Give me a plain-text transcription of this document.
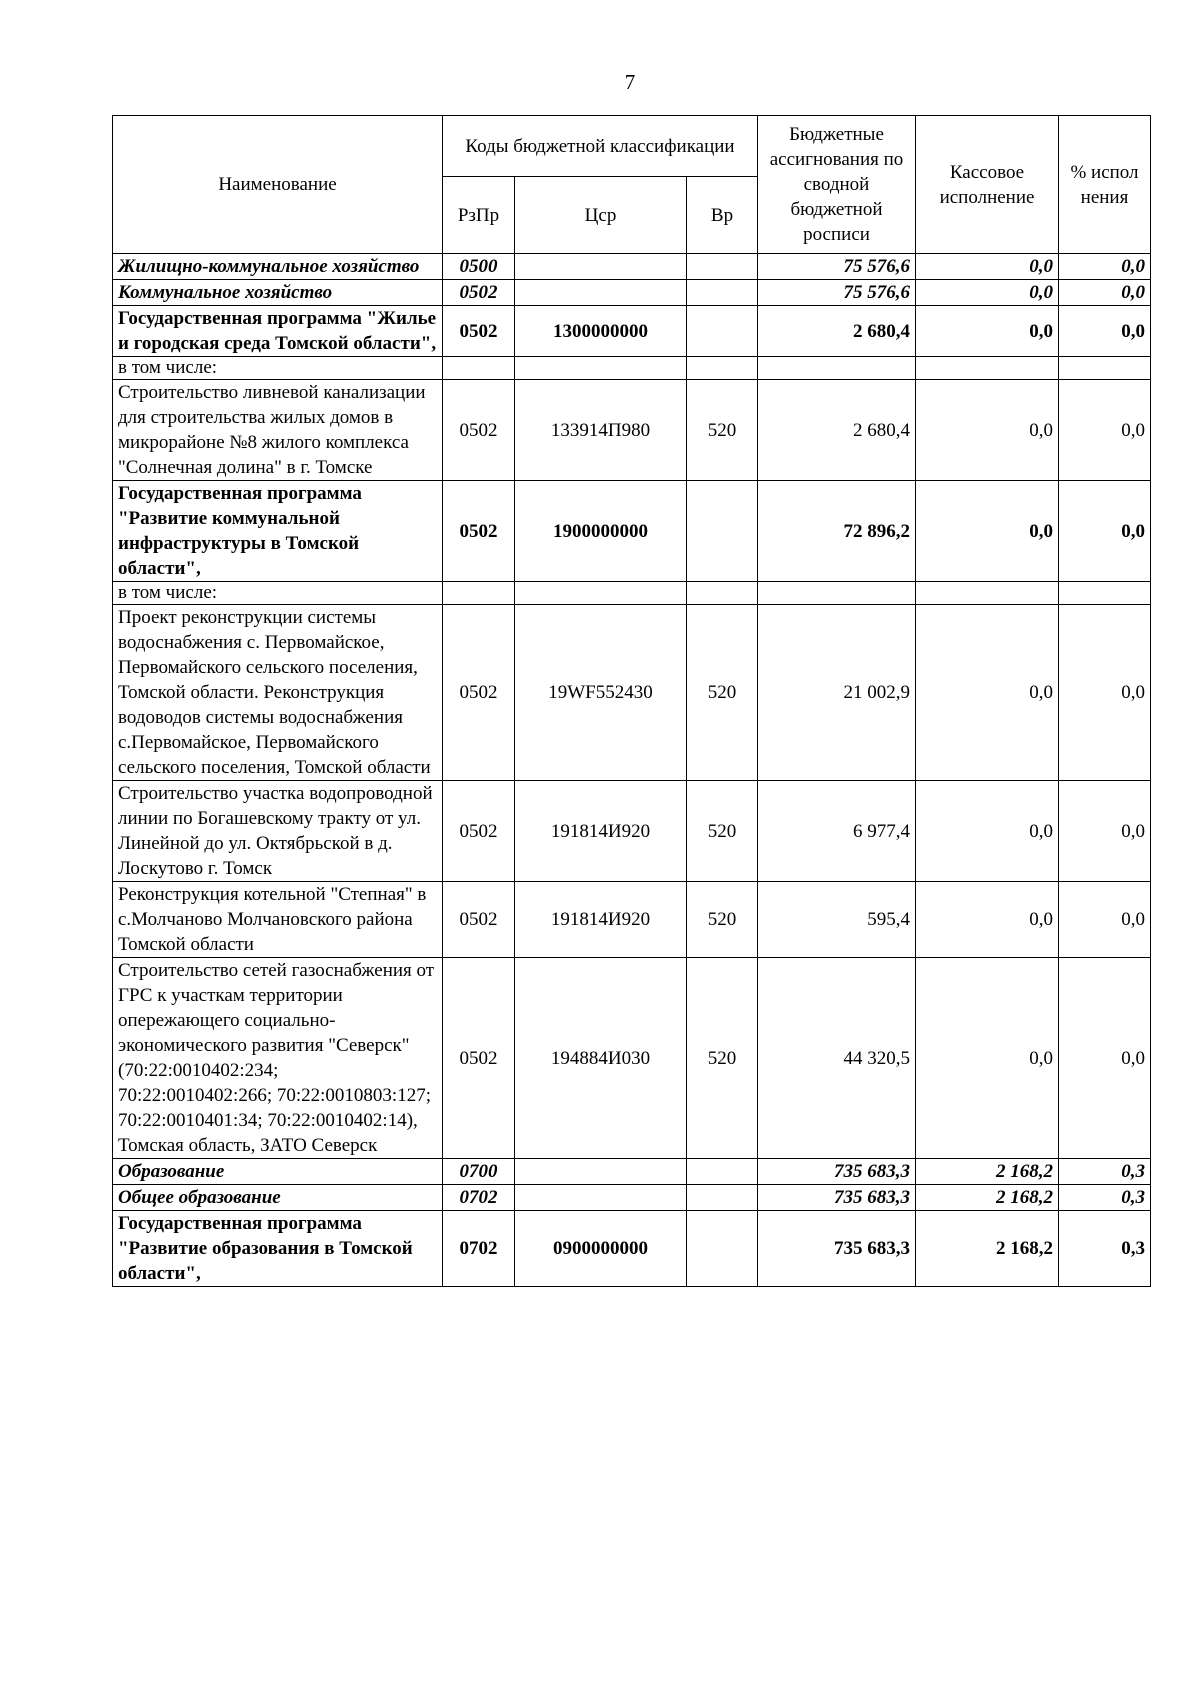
7
Наименование	Коды бюджетной классификации			Бюджетные ассигнования по сводной бюджетной росписи	Кассовое исполнение	% испол нения
	РзПр	Цср	Вр			
Жилищно-коммунальное хозяйство	0500			75 576,6	0,0	0,0
Коммунальное хозяйство	0502			75 576,6	0,0	0,0
Государственная программа "Жилье и городская среда Томской области",	0502	1300000000		2 680,4	0,0	0,0
в том числе:						
Строительство ливневой канализации для строительства жилых домов в микрорайоне №8 жилого комплекса "Солнечная долина" в г. Томске	0502	133914П980	520	2 680,4	0,0	0,0
Государственная программа "Развитие коммунальной инфраструктуры в Томской области",	0502	1900000000		72 896,2	0,0	0,0
в том числе:						
Проект реконструкции системы водоснабжения с. Первомайское, Первомайского сельского поселения, Томской области. Реконструкция водоводов системы водоснабжения с.Первомайское, Первомайского сельского поселения, Томской области	0502	19WF552430	520	21 002,9	0,0	0,0
Строительство участка водопроводной линии по Богашевскому тракту от ул. Линейной до ул. Октябрьской в д. Лоскутово г. Томск	0502	191814И920	520	6 977,4	0,0	0,0
Реконструкция котельной "Степная" в с.Молчаново Молчановского района Томской области	0502	191814И920	520	595,4	0,0	0,0
Строительство сетей газоснабжения от ГРС к участкам территории опережающего социально-экономического развития "Северск" (70:22:0010402:234; 70:22:0010402:266; 70:22:0010803:127; 70:22:0010401:34; 70:22:0010402:14), Томская область, ЗАТО Северск	0502	194884И030	520	44 320,5	0,0	0,0
Образование	0700			735 683,3	2 168,2	0,3
Общее образование	0702			735 683,3	2 168,2	0,3
Государственная программа "Развитие образования в Томской области",	0702	0900000000		735 683,3	2 168,2	0,3
